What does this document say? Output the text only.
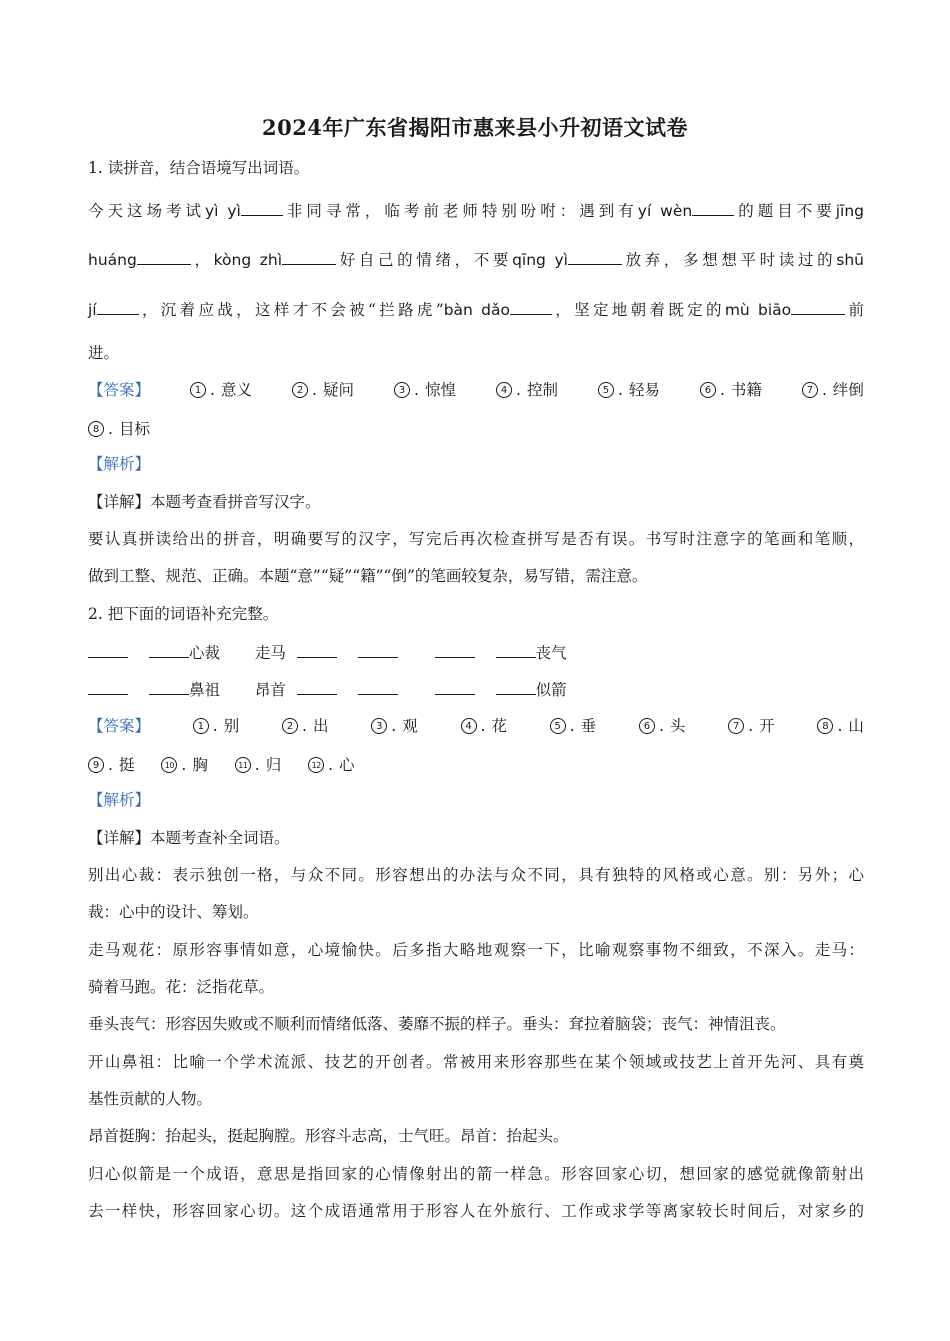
2024年广东省揭阳市惠来县小升初语文试卷
1. 读拼音，结合语境写出词语。
今天这场考试yì yì	非同寻常，临考前老师特别吩咐：遇到有yí wèn	的题目不要jīng
huáng	，kòng zhì	好自己的情绪，不要qīng yì	放弃，多想想平时读过的shū
jí	，沉着应战，这样才不会被“拦路虎”bàn dǎo	，坚定地朝着既定的mù biāo	前
进。
【答案】	1 . 意义	2 . 疑问	3 . 惊惶	4 . 控制	5 . 轻易	6 . 书籍	7 . 绊倒
8 . 目标
【解析】
【详解】本题考查看拼音写汉字。
要认真拼读给出的拼音，明确要写的汉字，写完后再次检查拼写是否有误。书写时注意字的笔画和笔顺，
做到工整、规范、正确。本题“意”“疑”“籍”“倒”的笔画较复杂，易写错，需注意。
2. 把下面的词语补充完整。
心裁 走马	丧气
鼻祖 昂首	似箭
【答案】	1 . 别	2 . 出	3 . 观	4 . 花	5 . 垂	6 . 头	7 . 开	8 . 山
9 . 挺
	10 . 胸
	11 . 归
	12 . 心
【解析】
【详解】本题考查补全词语。
别出心裁：表示独创一格，与众不同。形容想出的办法与众不同，具有独特的风格或心意。别：另外；心
裁：心中的设计、筹划。
走马观花：原形容事情如意，心境愉快。后多指大略地观察一下，比喻观察事物不细致，不深入。走马：
骑着马跑。花：泛指花草。
垂头丧气：形容因失败或不顺利而情绪低落、萎靡不振的样子。垂头：耷拉着脑袋；丧气：神情沮丧。
开山鼻祖：比喻一个学术流派、技艺的开创者。常被用来形容那些在某个领域或技艺上首开先河、具有奠
基性贡献的人物。
昂首挺胸：抬起头，挺起胸膛。形容斗志高，士气旺。昂首：抬起头。
归心似箭是一个成语，意思是指回家的心情像射出的箭一样急。形容回家心切，想回家的感觉就像箭射出
去一样快，形容回家心切。这个成语通常用于形容人在外旅行、工作或求学等离家较长时间后，对家乡的
